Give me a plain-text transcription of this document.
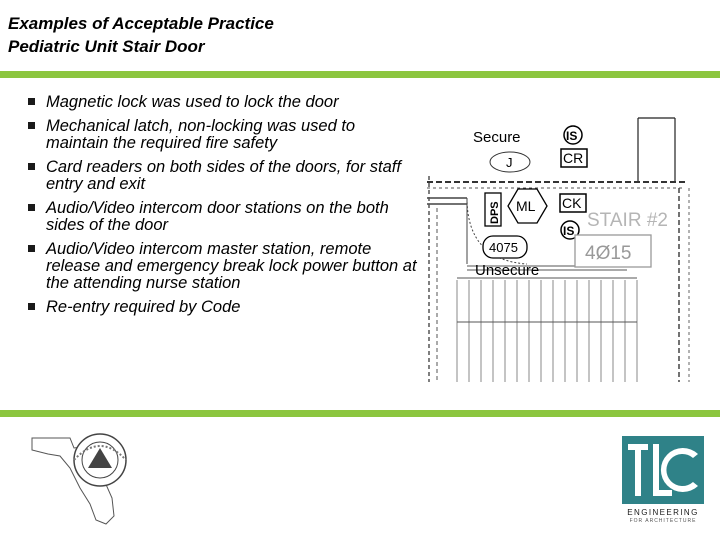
Examples of Acceptable Practice
Pediatric Unit Stair Door
Magnetic lock was used to lock the door
Mechanical latch, non-locking was used to maintain the required fire safety
Card readers on both sides of the doors, for staff entry and exit
Audio/Video intercom door stations on the both sides of the door
Audio/Video intercom master station, remote release and emergency break lock power button at the attending nurse station
Re-entry required by Code
Secure
J
IS
CR
DPS ML CK
IS
4075
Unsecure
STAIR #2
4Ø15
ENGINEERING
FOR ARCHITECTURE
